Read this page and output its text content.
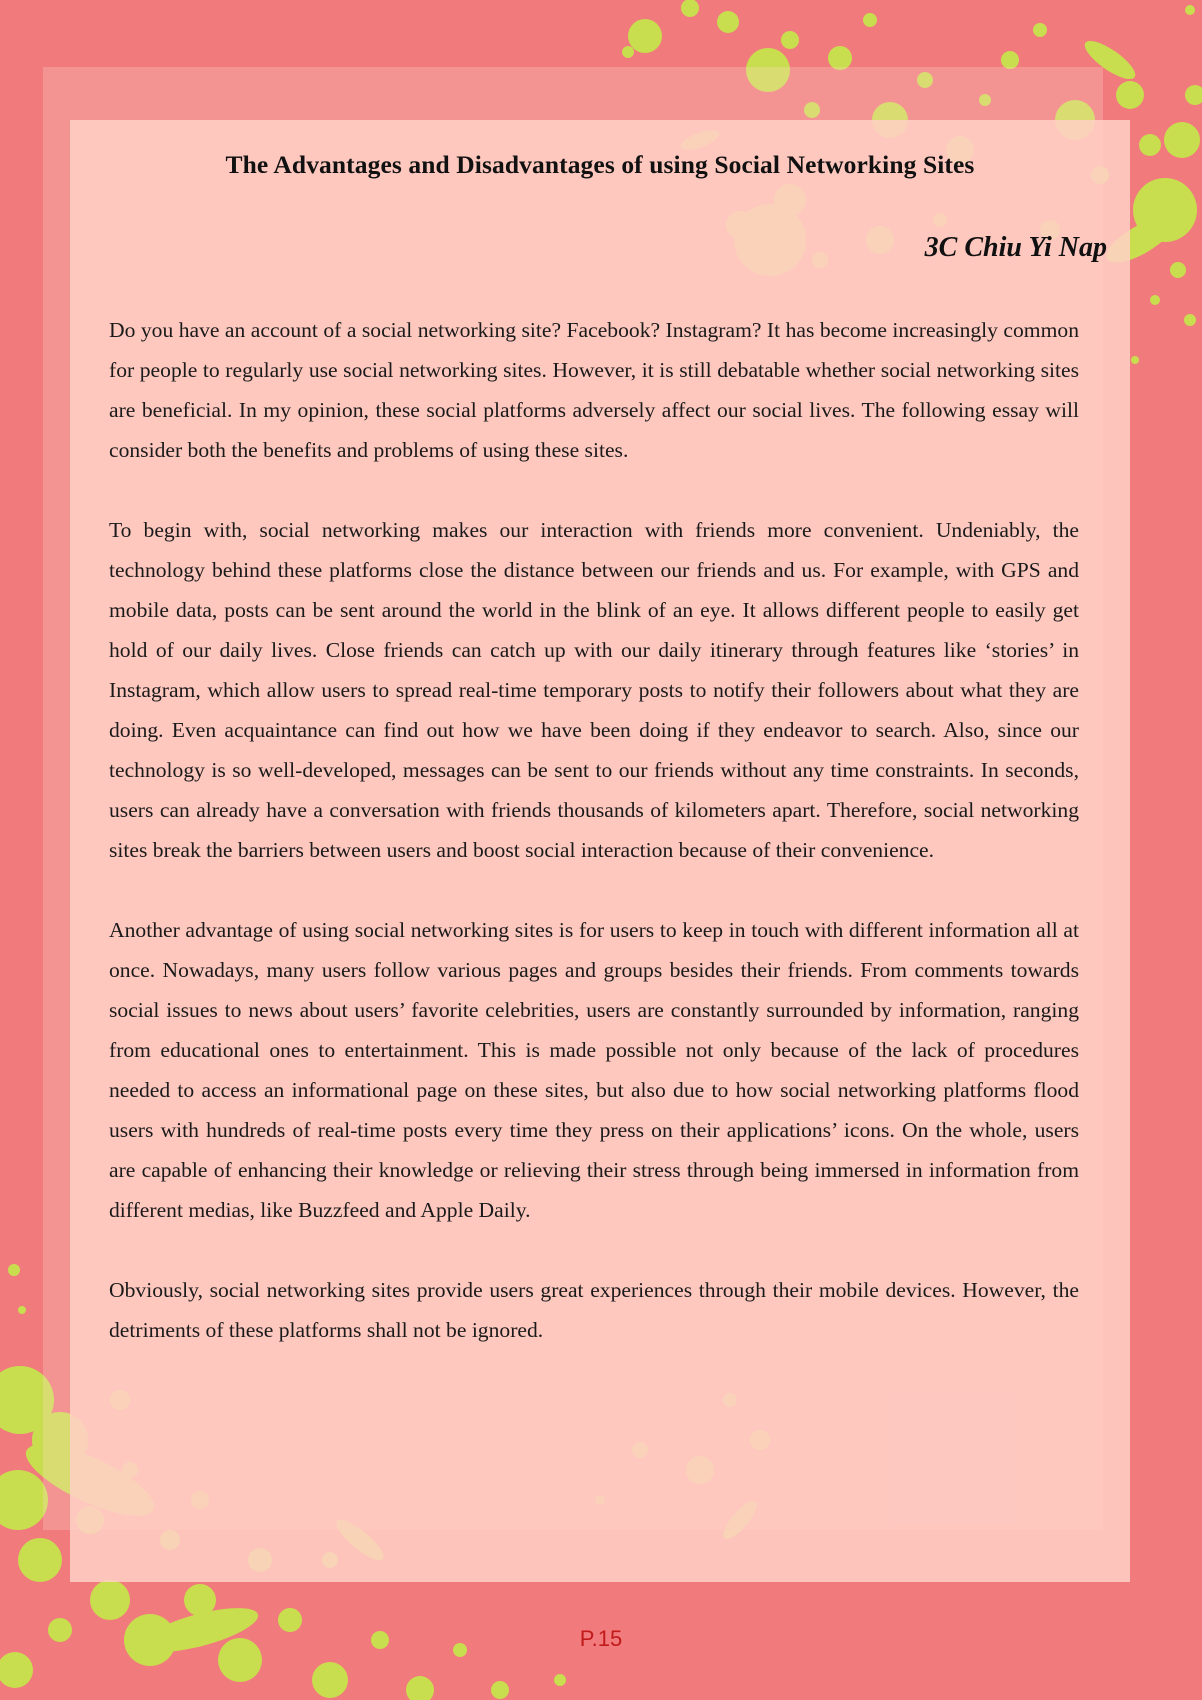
The Advantages and Disadvantages of using Social Networking Sites

3C Chiu Yi Nap

Do you have an account of a social networking site? Facebook? Instagram? It has become increasingly common for people to regularly use social networking sites. However, it is still debatable whether social networking sites are beneficial. In my opinion, these social platforms adversely affect our social lives. The following essay will consider both the benefits and problems of using these sites.

To begin with, social networking makes our interaction with friends more convenient. Undeniably, the technology behind these platforms close the distance between our friends and us. For example, with GPS and mobile data, posts can be sent around the world in the blink of an eye. It allows different people to easily get hold of our daily lives. Close friends can catch up with our daily itinerary through features like ‘stories’ in Instagram, which allow users to spread real-time temporary posts to notify their followers about what they are doing. Even acquaintance can find out how we have been doing if they endeavor to search. Also, since our technology is so well-developed, messages can be sent to our friends without any time constraints. In seconds, users can already have a conversation with friends thousands of kilometers apart. Therefore, social networking sites break the barriers between users and boost social interaction because of their convenience.

Another advantage of using social networking sites is for users to keep in touch with different information all at once. Nowadays, many users follow various pages and groups besides their friends. From comments towards social issues to news about users’ favorite celebrities, users are constantly surrounded by information, ranging from educational ones to entertainment. This is made possible not only because of the lack of procedures needed to access an informational page on these sites, but also due to how social networking platforms flood users with hundreds of real-time posts every time they press on their applications’ icons. On the whole, users are capable of enhancing their knowledge or relieving their stress through being immersed in information from different medias, like Buzzfeed and Apple Daily.

Obviously, social networking sites provide users great experiences through their mobile devices. However, the detriments of these platforms shall not be ignored.

P.15
